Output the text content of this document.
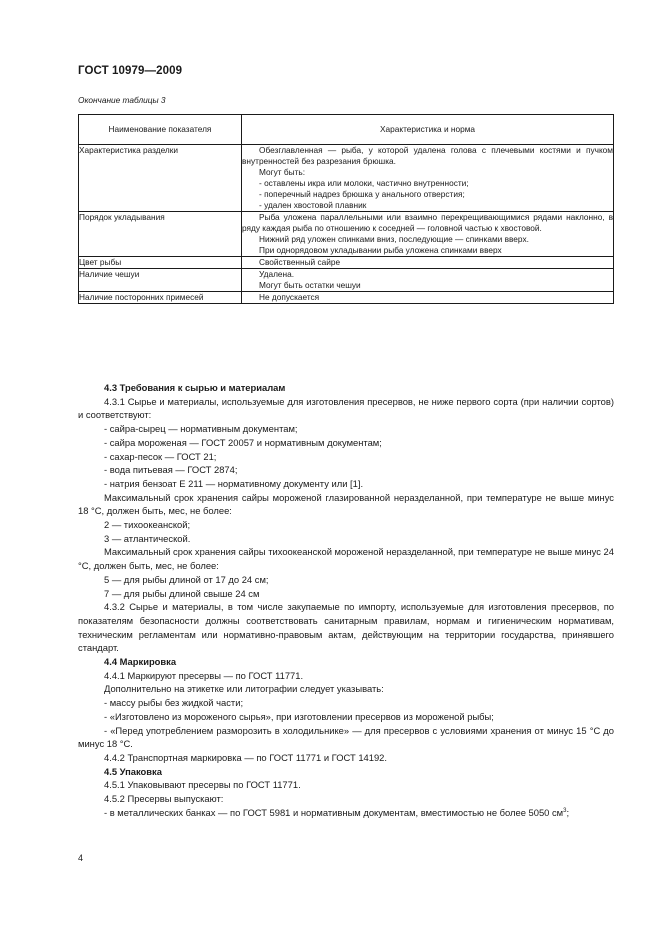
ГОСТ 10979—2009
Окончание таблицы 3
Наименование показателя	Характеристика и норма
Характеристика разделки	Обезглавленная — рыба, у которой удалена голова с плечевыми костями и пучком внутренностей без разрезания брюшка.
Могут быть:
- оставлены икра или молоки, частично внутренности;
- поперечный надрез брюшка у анального отверстия;
- удален хвостовой плавник

Порядок укладывания	Рыба уложена параллельными или взаимно перекрещивающимися рядами наклонно, в ряду каждая рыба по отношению к соседней — головной частью к хвостовой.
Нижний ряд уложен спинками вниз, последующие — спинками вверх.
При однорядовом укладывании рыба уложена спинками вверх

Цвет рыбы	Свойственный сайре

Наличие чешуи	Удалена.
Могут быть остатки чешуи

Наличие посторонних примесей	Не допускается

4.3 Требования к сырью и материалам

4.3.1 Сырье и материалы, используемые для изготовления пресервов, не ниже первого сорта (при наличии сортов) и соответствуют:

- сайра-сырец — нормативным документам;

- сайра мороженая — ГОСТ 20057 и нормативным документам;

- сахар-песок — ГОСТ 21;

- вода питьевая — ГОСТ 2874;

- натрия бензоат Е 211 — нормативному документу или [1].

Максимальный срок хранения сайры мороженой глазированной неразделанной, при температуре не выше минус 18 °С, должен быть, мес, не более:

2 — тихоокеанской;

3 — атлантической.

Максимальный срок хранения сайры тихоокеанской мороженой неразделанной, при температуре не выше минус 24 °С, должен быть, мес, не более:

5 — для рыбы длиной от 17 до 24 см;

7 — для рыбы длиной свыше 24 см

4.3.2 Сырье и материалы, в том числе закупаемые по импорту, используемые для изготовления пресервов, по показателям безопасности должны соответствовать санитарным правилам, нормам и гигиеническим нормативам, техническим регламентам или нормативно-правовым актам, действующим на территории государства, принявшего стандарт.

4.4 Маркировка

4.4.1 Маркируют пресервы — по ГОСТ 11771.

Дополнительно на этикетке или литографии следует указывать:

- массу рыбы без жидкой части;

- «Изготовлено из мороженого сырья», при изготовлении пресервов из мороженой рыбы;

- «Перед употреблением разморозить в холодильнике» — для пресервов с условиями хранения от минус 15 °С до минус 18 °С.

4.4.2 Транспортная маркировка — по ГОСТ 11771 и ГОСТ 14192.

4.5 Упаковка

4.5.1 Упаковывают пресервы по ГОСТ 11771.

4.5.2 Пресервы выпускают:

- в металлических банках — по ГОСТ 5981 и нормативным документам, вместимостью не более 5050 $см^3$;

4
